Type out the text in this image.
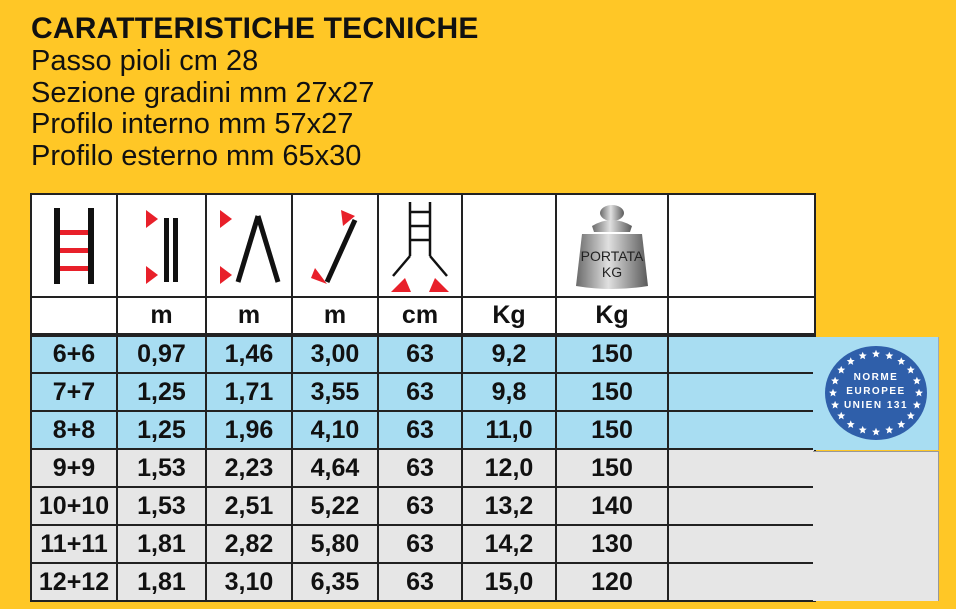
CARATTERISTICHE TECNICHE
Passo pioli cm 28
Sezione gradini mm 27x27
Profilo interno mm 57x27
Profilo esterno mm 65x30

PORTATA
KG	

	m	m	m	cm	Kg	Kg	
6+6	0,97	1,46	3,00	63	9,2	150	
7+7	1,25	1,71	3,55	63	9,8	150	
8+8	1,25	1,96	4,10	63	11,0	150	
9+9	1,53	2,23	4,64	63	12,0	150	
10+10	1,53	2,51	5,22	63	13,2	140	
11+11	1,81	2,82	5,80	63	14,2	130	
12+12	1,81	3,10	6,35	63	15,0	120	
NORME
EUROPEE
UNIEN 131
